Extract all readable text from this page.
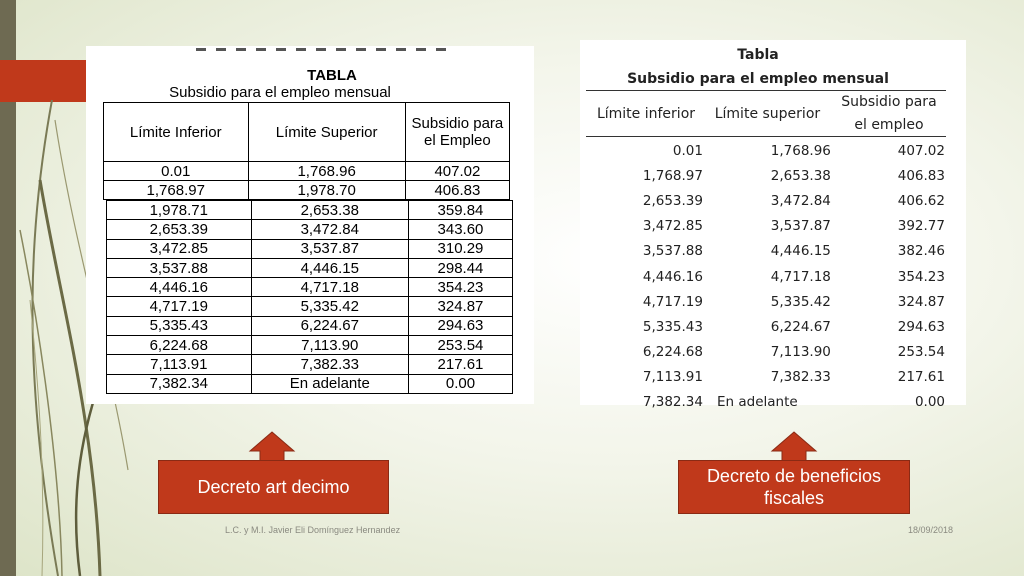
TABLA
Subsidio para el empleo mensual
Límite Inferior	Límite Superior	Subsidio para el Empleo
0.01	1,768.96	407.02
1,768.97	1,978.70	406.83
1,978.71	2,653.38	359.84
2,653.39	3,472.84	343.60
3,472.85	3,537.87	310.29
3,537.88	4,446.15	298.44
4,446.16	4,717.18	354.23
4,717.19	5,335.42	324.87
5,335.43	6,224.67	294.63
6,224.68	7,113.90	253.54
7,113.91	7,382.33	217.61
7,382.34	En adelante	0.00
Tabla
Subsidio para el empleo mensual
Límite inferior	Límite superior	Subsidio para el empleo
0.01	1,768.96	407.02
1,768.97	2,653.38	406.83
2,653.39	3,472.84	406.62
3,472.85	3,537.87	392.77
3,537.88	4,446.15	382.46
4,446.16	4,717.18	354.23
4,717.19	5,335.42	324.87
5,335.43	6,224.67	294.63
6,224.68	7,113.90	253.54
7,113.91	7,382.33	217.61
7,382.34	En adelante	0.00
Decreto art decimo
Decreto de beneficios fiscales
L.C. y M.I. Javier Eli Domínguez Hernandez	18/09/2018
